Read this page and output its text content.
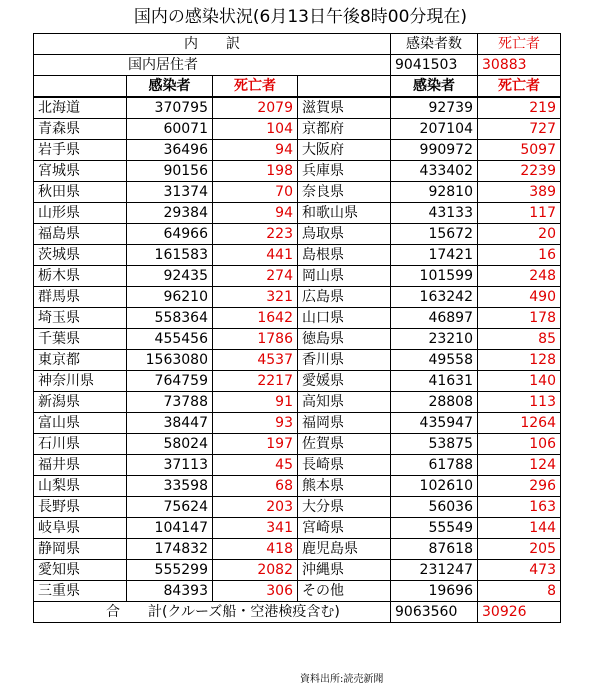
国内の感染状況(6月13日午後8時00分現在)
内　　訳				感染者数	死亡者
国内居住者				9041503	30883
	感染者	死亡者		感染者	死亡者
北海道	370795	2079	滋賀県	92739	219
青森県	60071	104	京都府	207104	727
岩手県	36496	94	大阪府	990972	5097
宮城県	90156	198	兵庫県	433402	2239
秋田県	31374	70	奈良県	92810	389
山形県	29384	94	和歌山県	43133	117
福島県	64966	223	鳥取県	15672	20
茨城県	161583	441	島根県	17421	16
栃木県	92435	274	岡山県	101599	248
群馬県	96210	321	広島県	163242	490
埼玉県	558364	1642	山口県	46897	178
千葉県	455456	1786	徳島県	23210	85
東京都	1563080	4537	香川県	49558	128
神奈川県	764759	2217	愛媛県	41631	140
新潟県	73788	91	高知県	28808	113
富山県	38447	93	福岡県	435947	1264
石川県	58024	197	佐賀県	53875	106
福井県	37113	45	長崎県	61788	124
山梨県	33598	68	熊本県	102610	296
長野県	75624	203	大分県	56036	163
岐阜県	104147	341	宮崎県	55549	144
静岡県	174832	418	鹿児島県	87618	205
愛知県	555299	2082	沖縄県	231247	473
三重県	84393	306	その他	19696	8
合　　計(クルーズ船・空港検疫含む)				9063560	30926
資料出所:読売新聞
